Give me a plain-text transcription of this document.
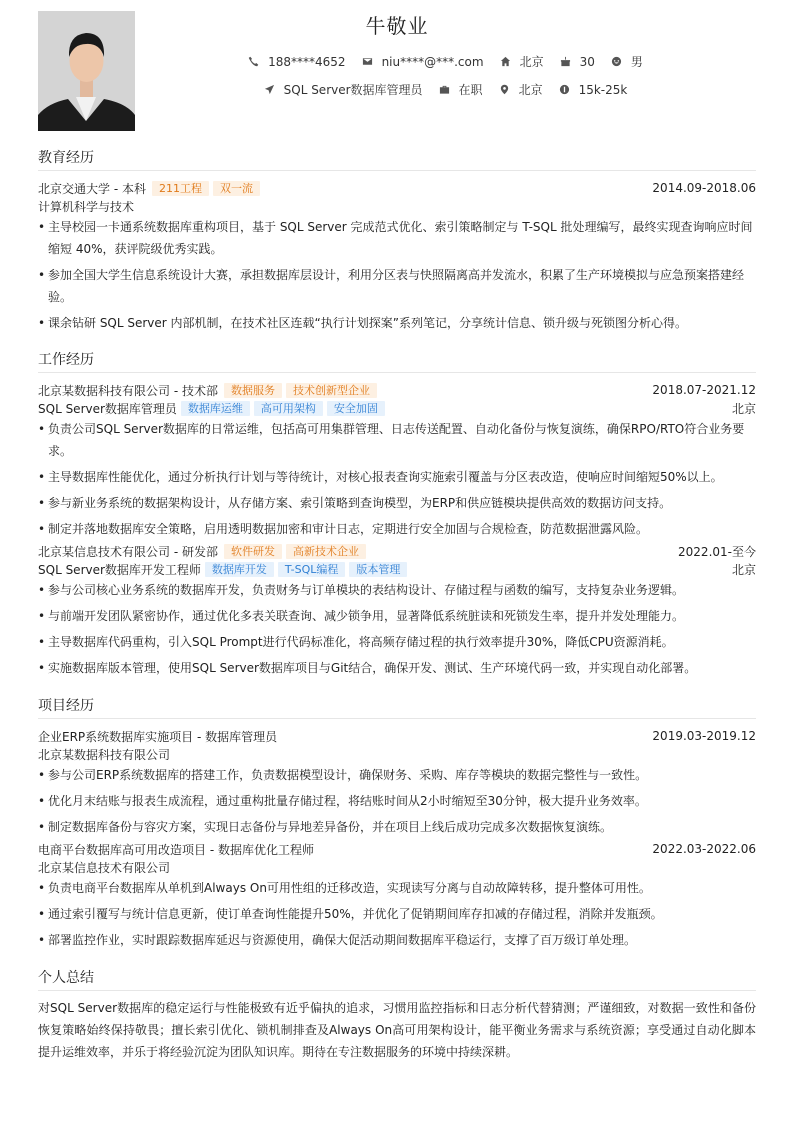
牛敬业
188****4652	niu****@***.com	北京	30	男
SQL Server数据库管理员	在职	北京	15k-25k
教育经历
北京交通大学 - 本科	211工程	双一流	2014.09-2018.06
计算机科学与技术
• 主导校园一卡通系统数据库重构项目，基于 SQL Server 完成范式优化、索引策略制定与 T-SQL 批处理编写，最终实现查询响应时间缩短 40%，获评院级优秀实践。
• 参加全国大学生信息系统设计大赛，承担数据库层设计，利用分区表与快照隔离高并发流水，积累了生产环境模拟与应急预案搭建经验。
• 课余钻研 SQL Server 内部机制，在技术社区连载“执行计划探案”系列笔记，分享统计信息、锁升级与死锁图分析心得。
工作经历
北京某数据科技有限公司 - 技术部	数据服务	技术创新型企业	2018.07-2021.12
SQL Server数据库管理员	数据库运维	高可用架构	安全加固	北京
• 负责公司SQL Server数据库的日常运维，包括高可用集群管理、日志传送配置、自动化备份与恢复演练，确保RPO/RTO符合业务要求。
• 主导数据库性能优化，通过分析执行计划与等待统计，对核心报表查询实施索引覆盖与分区表改造，使响应时间缩短50%以上。
• 参与新业务系统的数据架构设计，从存储方案、索引策略到查询模型，为ERP和供应链模块提供高效的数据访问支持。
• 制定并落地数据库安全策略，启用透明数据加密和审计日志，定期进行安全加固与合规检查，防范数据泄露风险。
北京某信息技术有限公司 - 研发部	软件研发	高新技术企业	2022.01-至今
SQL Server数据库开发工程师	数据库开发	T-SQL编程	版本管理	北京
• 参与公司核心业务系统的数据库开发，负责财务与订单模块的表结构设计、存储过程与函数的编写，支持复杂业务逻辑。
• 与前端开发团队紧密协作，通过优化多表关联查询、减少锁争用，显著降低系统脏读和死锁发生率，提升并发处理能力。
• 主导数据库代码重构，引入SQL Prompt进行代码标准化，将高频存储过程的执行效率提升30%，降低CPU资源消耗。
• 实施数据库版本管理，使用SQL Server数据库项目与Git结合，确保开发、测试、生产环境代码一致，并实现自动化部署。
项目经历
企业ERP系统数据库实施项目 - 数据库管理员	2019.03-2019.12
北京某数据科技有限公司
• 参与公司ERP系统数据库的搭建工作，负责数据模型设计，确保财务、采购、库存等模块的数据完整性与一致性。
• 优化月末结账与报表生成流程，通过重构批量存储过程，将结账时间从2小时缩短至30分钟，极大提升业务效率。
• 制定数据库备份与容灾方案，实现日志备份与异地差异备份，并在项目上线后成功完成多次数据恢复演练。
电商平台数据库高可用改造项目 - 数据库优化工程师	2022.03-2022.06
北京某信息技术有限公司
• 负责电商平台数据库从单机到Always On可用性组的迁移改造，实现读写分离与自动故障转移，提升整体可用性。
• 通过索引覆写与统计信息更新，使订单查询性能提升50%，并优化了促销期间库存扣减的存储过程，消除并发瓶颈。
• 部署监控作业，实时跟踪数据库延迟与资源使用，确保大促活动期间数据库平稳运行，支撑了百万级订单处理。
个人总结

对SQL Server数据库的稳定运行与性能极致有近乎偏执的追求，习惯用监控指标和日志分析代替猜测；严谨细致，对数据一致性和备份恢复策略始终保持敬畏；擅长索引优化、锁机制排查及Always On高可用架构设计，能平衡业务需求与系统资源；享受通过自动化脚本提升运维效率，并乐于将经验沉淀为团队知识库。期待在专注数据服务的环境中持续深耕。
